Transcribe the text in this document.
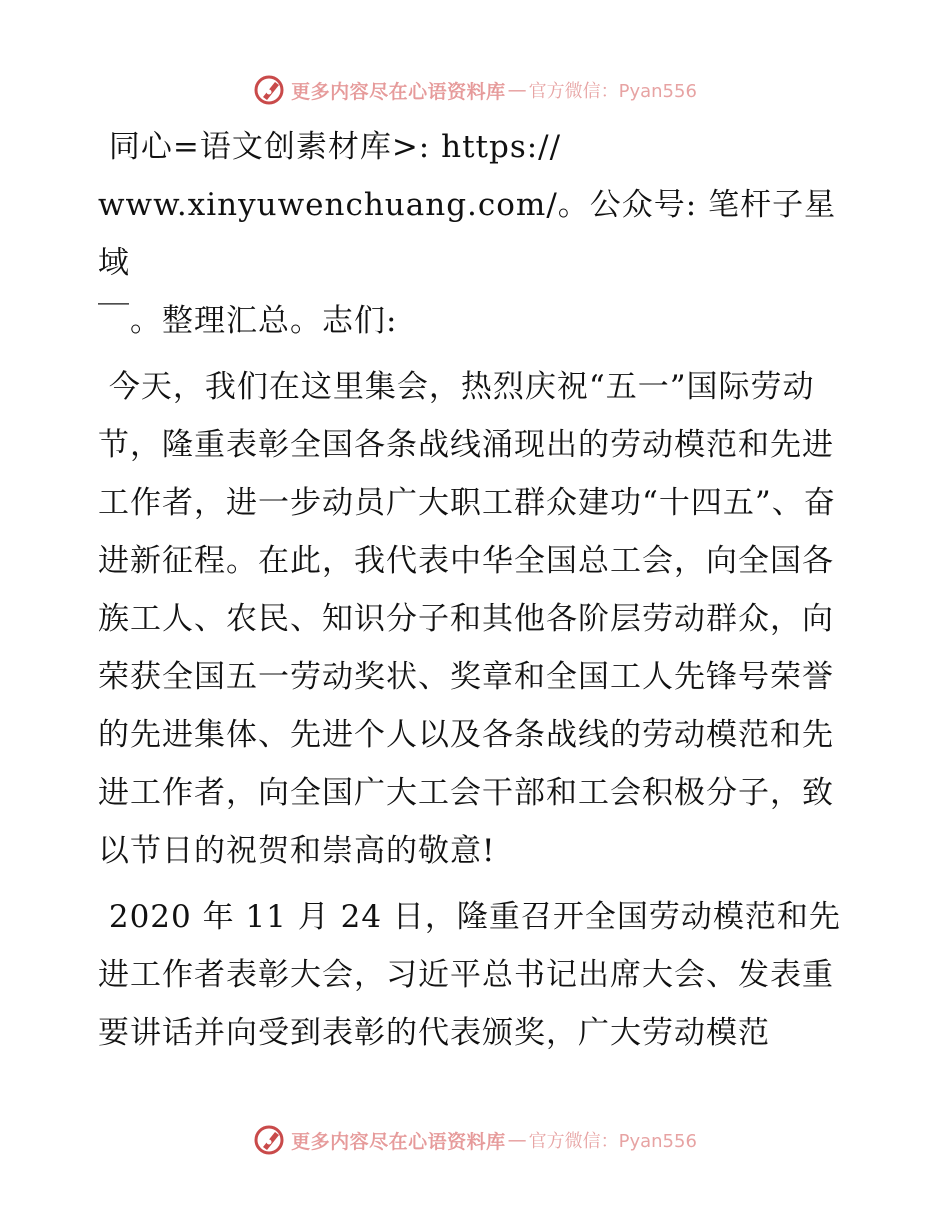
更多内容尽在心语资料库 — 官方微信：Pyan556

同心=语文创素材库>: https://

www.xinyuwenchuang.com/。公众号: 笔杆子星域

￣。整理汇总。志们:

今天，我们在这里集会，热烈庆祝“五一”国际劳动节，隆重表彰全国各条战线涌现出的劳动模范和先进工作者，进一步动员广大职工群众建功“十四五”、奋进新征程。在此，我代表中华全国总工会，向全国各族工人、农民、知识分子和其他各阶层劳动群众，向荣获全国五一劳动奖状、奖章和全国工人先锋号荣誉的先进集体、先进个人以及各条战线的劳动模范和先进工作者，向全国广大工会干部和工会积极分子，致以节日的祝贺和崇高的敬意!

2020 年 11 月 24 日，隆重召开全国劳动模范和先进工作者表彰大会，习近平总书记出席大会、发表重要讲话并向受到表彰的代表颁奖，广大劳动模范

更多内容尽在心语资料库 — 官方微信：Pyan556
